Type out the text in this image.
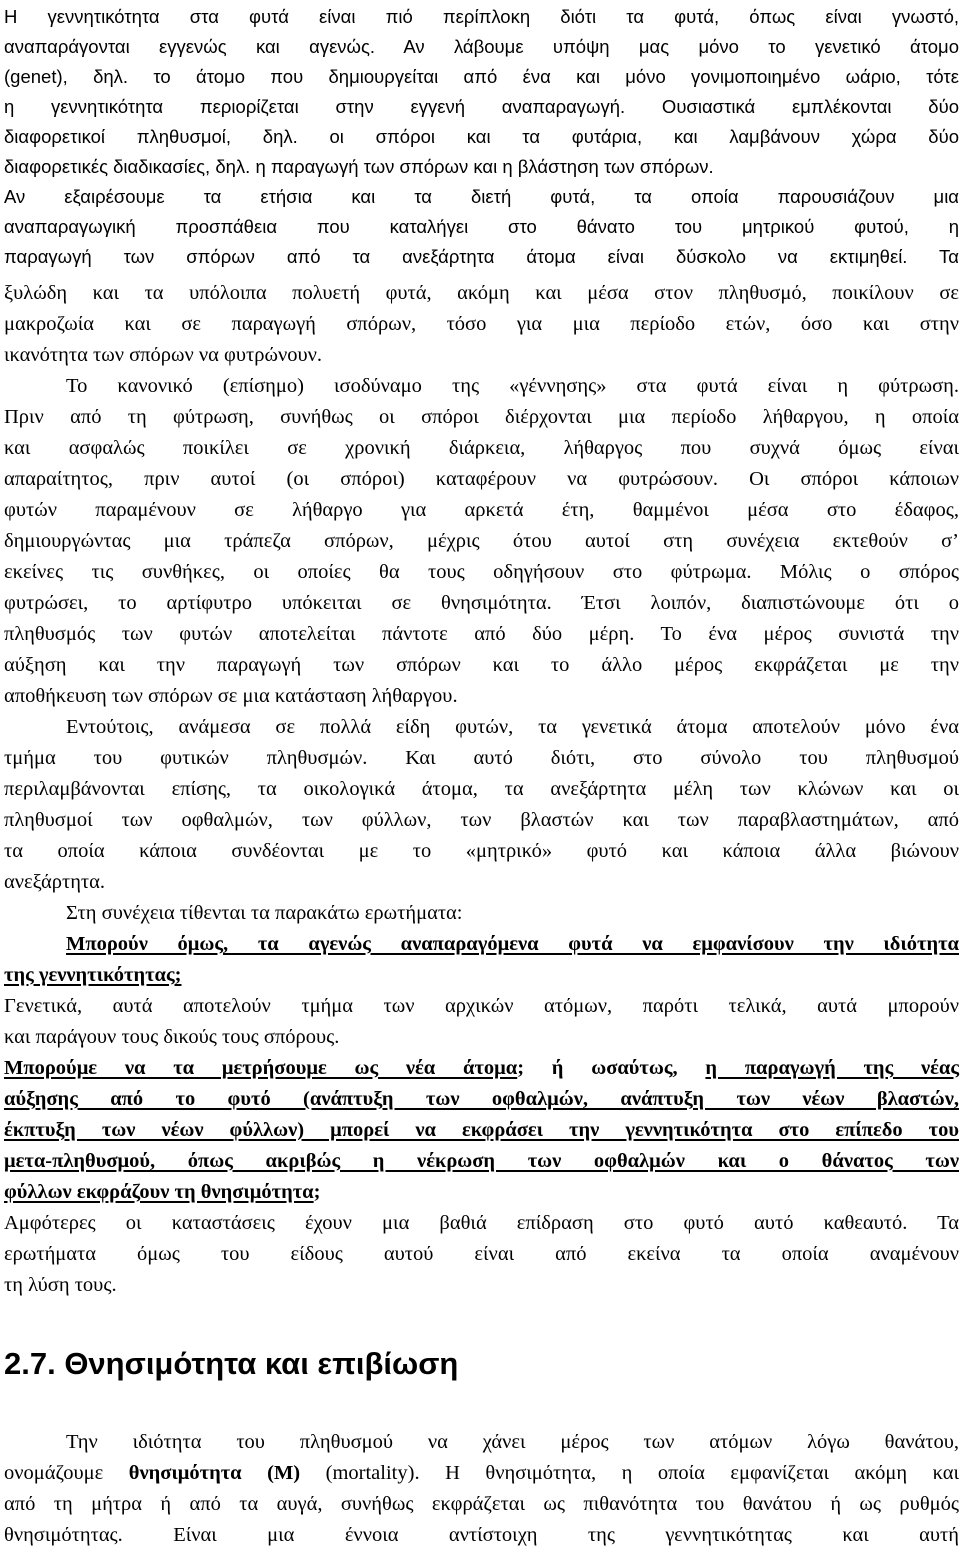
Η γεννητικότητα στα φυτά είναι πιό περίπλοκη διότι τα φυτά, όπως είναι γνωστό,
αναπαράγονται εγγενώς και αγενώς. Αν λάβουμε υπόψη μας μόνο το γενετικό άτομο
(genet), δηλ. το άτομο που δημιουργείται από ένα και μόνο γονιμοποιημένο ωάριο, τότε
η γεννητικότητα περιορίζεται στην εγγενή αναπαραγωγή. Ουσιαστικά εμπλέκονται δύο
διαφορετικοί πληθυσμοί, δηλ. οι σπόροι και τα φυτάρια, και λαμβάνουν χώρα δύο
διαφορετικές διαδικασίες, δηλ. η παραγωγή των σπόρων και η βλάστηση των σπόρων.
Αν εξαιρέσουμε τα ετήσια και τα διετή φυτά, τα οποία παρουσιάζουν μια
αναπαραγωγική προσπάθεια που καταλήγει στο θάνατο του μητρικού φυτού, η
παραγωγή των σπόρων από τα ανεξάρτητα άτομα είναι δύσκολο να εκτιμηθεί. Τα
ξυλώδη και τα υπόλοιπα πολυετή φυτά, ακόμη και μέσα στον πληθυσμό, ποικίλουν σε
μακροζωία και σε παραγωγή σπόρων, τόσο για μια περίοδο ετών, όσο και στην
ικανότητα των σπόρων να φυτρώνουν.
Το κανονικό (επίσημο) ισοδύναμο της «γέννησης» στα φυτά είναι η φύτρωση.
Πριν από τη φύτρωση, συνήθως οι σπόροι διέρχονται μια περίοδο λήθαργου, η οποία
και ασφαλώς ποικίλει σε χρονική διάρκεια, λήθαργος που συχνά όμως είναι
απαραίτητος, πριν αυτοί (οι σπόροι) καταφέρουν να φυτρώσουν. Οι σπόροι κάποιων
φυτών παραμένουν σε λήθαργο για αρκετά έτη, θαμμένοι μέσα στο έδαφος,
δημιουργώντας μια τράπεζα σπόρων, μέχρις ότου αυτοί στη συνέχεια εκτεθούν σ’
εκείνες τις συνθήκες, οι οποίες θα τους οδηγήσουν στο φύτρωμα. Μόλις ο σπόρος
φυτρώσει, το αρτίφυτρο υπόκειται σε θνησιμότητα. Έτσι λοιπόν, διαπιστώνουμε ότι ο
πληθυσμός των φυτών αποτελείται πάντοτε από δύο μέρη. Το ένα μέρος συνιστά την
αύξηση και την παραγωγή των σπόρων και το άλλο μέρος εκφράζεται με την
αποθήκευση των σπόρων σε μια κατάσταση λήθαργου.
Εντούτοις, ανάμεσα σε πολλά είδη φυτών, τα γενετικά άτομα αποτελούν μόνο ένα
τμήμα του φυτικών πληθυσμών. Και αυτό διότι, στο σύνολο του πληθυσμού
περιλαμβάνονται επίσης, τα οικολογικά άτομα, τα ανεξάρτητα μέλη των κλώνων και οι
πληθυσμοί των οφθαλμών, των φύλλων, των βλαστών και των παραβλαστημάτων, από
τα οποία κάποια συνδέονται με το «μητρικό» φυτό και κάποια άλλα βιώνουν
ανεξάρτητα.
Στη συνέχεια τίθενται τα παρακάτω ερωτήματα:
Μπορούν όμως, τα αγενώς αναπαραγόμενα φυτά να εμφανίσουν την ιδιότητα
της γεννητικότητας;
Γενετικά, αυτά αποτελούν τμήμα των αρχικών ατόμων, παρότι τελικά, αυτά μπορούν
και παράγουν τους δικούς τους σπόρους.
Μπορούμε να τα μετρήσουμε ως νέα άτομα; ή ωσαύτως, η παραγωγή της νέας
αύξησης από το φυτό (ανάπτυξη των οφθαλμών, ανάπτυξη των νέων βλαστών,
έκπτυξη των νέων φύλλων) μπορεί να εκφράσει την γεννητικότητα στο επίπεδο του
μετα-πληθυσμού, όπως ακριβώς η νέκρωση των οφθαλμών και ο θάνατος των
φύλλων εκφράζουν τη θνησιμότητα;
Αμφότερες οι καταστάσεις έχουν μια βαθιά επίδραση στο φυτό αυτό καθεαυτό. Τα
ερωτήματα όμως του είδους αυτού είναι από εκείνα τα οποία αναμένουν
τη λύση τους.
2.7. Θνησιμότητα και επιβίωση
Την ιδιότητα του πληθυσμού να χάνει μέρος των ατόμων λόγω θανάτου,
ονομάζουμε θνησιμότητα (M) (mortality). Η θνησιμότητα, η οποία εμφανίζεται ακόμη και
από τη μήτρα ή από τα αυγά, συνήθως εκφράζεται ως πιθανότητα του θανάτου ή ως ρυθμός
θνησιμότητας. Είναι μια έννοια αντίστοιχη της γεννητικότητας και αυτή
